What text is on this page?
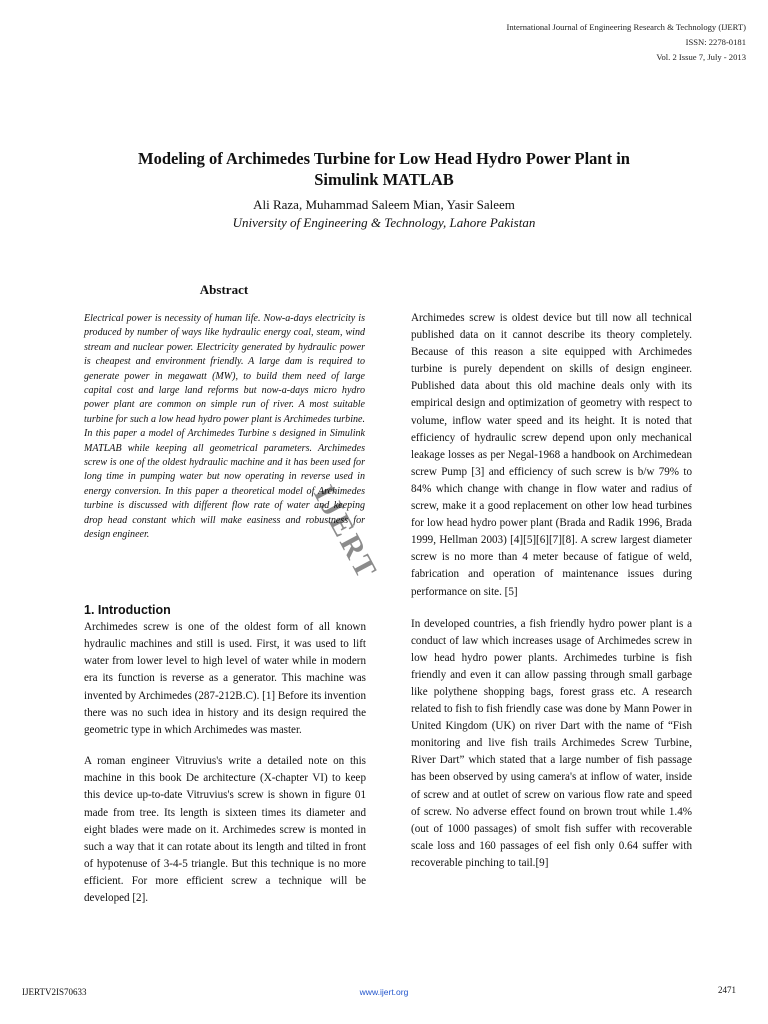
International Journal of Engineering Research & Technology (IJERT)
ISSN: 2278-0181
Vol. 2 Issue 7, July - 2013
Modeling of Archimedes Turbine for Low Head Hydro Power Plant in
Simulink MATLAB
Ali Raza, Muhammad Saleem Mian, Yasir Saleem
University of Engineering & Technology, Lahore Pakistan
Abstract

Electrical power is necessity of human life. Now-a-days electricity is produced by number of ways like hydraulic energy coal, steam, wind stream and nuclear power. Electricity generated by hydraulic power is cheapest and environment friendly. A large dam is required to generate power in megawatt (MW), to build them need of large capital cost and large land reforms but now-a-days micro hydro power plant are common on simple run of river. A most suitable turbine for such a low head hydro power plant is Archimedes turbine. In this paper a model of Archimedes Turbine s designed in Simulink MATLAB while keeping all geometrical parameters. Archimedes screw is one of the oldest hydraulic machine and it has been used for long time in pumping water but now operating in reverse used in energy conversion. In this paper a theoretical model of Archimedes turbine is discussed with different flow rate of water and keeping drop head constant which will make easiness and robustness for design engineer.	IJERT
1. Introduction

Archimedes screw is one of the oldest form of all known hydraulic machines and still is used. First, it was used to lift water from lower level to high level of water while in modern era its function is reverse as a generator. This machine was invented by Archimedes (287-212B.C). [1] Before its invention there was no such idea in history and its design required the geometric type in which Archimedes was master.

A roman engineer Vitruvius's write a detailed note on this machine in this book De architecture (X-chapter VI) to keep this device up-to-date Vitruvius's screw is shown in figure 01 made from tree. Its length is sixteen times its diameter and eight blades were made on it. Archimedes screw is monted in such a way that it can rotate about its length and tilted in front of hypotenuse of 3-4-5 triangle. But this technique is no more efficient. For more efficient screw a technique will be developed [2].

Archimedes screw is oldest device but till now all technical published data on it cannot describe its theory completely. Because of this reason a site equipped with Archimedes turbine is purely dependent on skills of design engineer. Published data about this old machine deals only with its empirical design and optimization of geometry with respect to volume, inflow water speed and its height. It is noted that efficiency of hydraulic screw depend upon only mechanical leakage losses as per Negal-1968 a handbook on Archimedean screw Pump [3] and efficiency of such screw is b/w 79% to 84% which change with change in flow water and radius of screw, make it a good replacement on other low head turbines for low head hydro power plant (Brada and Radik 1996, Brada 1999, Hellman 2003) [4][5][6][7][8]. A screw largest diameter screw is no more than 4 meter because of fatigue of weld, fabrication and operation of maintenance issues during performance on site. [5]

In developed countries, a fish friendly hydro power plant is a conduct of law which increases usage of Archimedes screw in low head hydro power plants. Archimedes turbine is fish friendly and even it can allow passing through small garbage like polythene shopping bags, forest grass etc. A research related to fish to fish friendly case was done by Mann Power in United Kingdom (UK) on river Dart with the name of “Fish monitoring and live fish trails Archimedes Screw Turbine, River Dart” which stated that a large number of fish passage has been observed by using camera's at inflow of water, inside of screw and at outlet of screw on various flow rate and speed of screw. No adverse effect found on brown trout while 1.4% (out of 1000 passages) of smolt fish suffer with recoverable scale loss and 160 passages of eel fish only 0.64 suffer with recoverable pinching to tail.[9]

IJERTV2IS70633	www.ijert.org	2471
